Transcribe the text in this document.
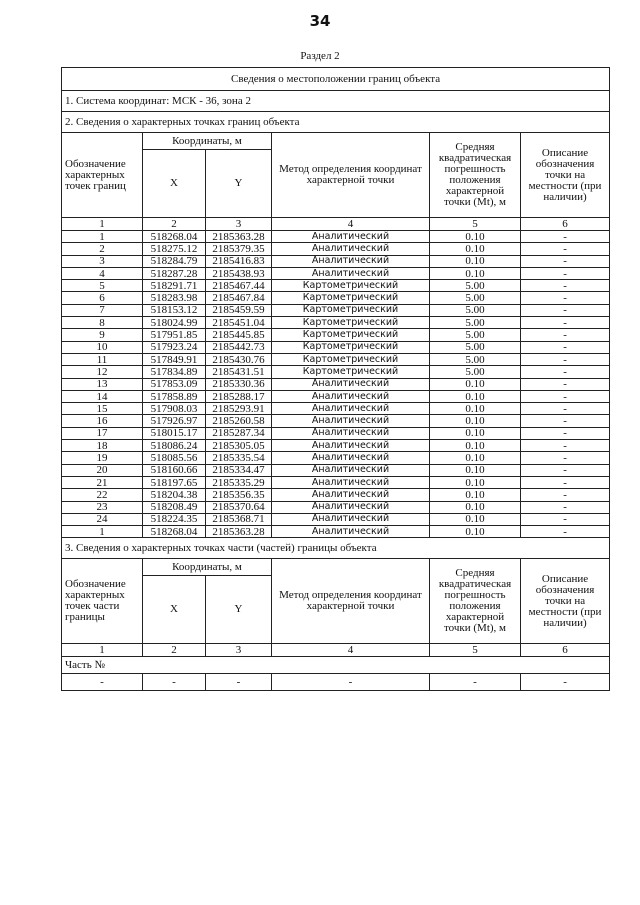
34
Раздел 2
Сведения о местоположении границ объекта					
1. Система координат: МСК - 36, зона 2					
2. Сведения о характерных точках границ объекта					
Обозначение характерных точек границ	Координаты, м		Метод определения координат характерной точки	Средняя квадратическая погрешность положения характерной точки (Mt), м	Описание обозначения точки на местности (при наличии)
	X	Y			
1	2	3	4	5	6
1	518268.04	2185363.28	Аналитический	0.10	-
2	518275.12	2185379.35	Аналитический	0.10	-
3	518284.79	2185416.83	Аналитический	0.10	-
4	518287.28	2185438.93	Аналитический	0.10	-
5	518291.71	2185467.44	Картометрический	5.00	-
6	518283.98	2185467.84	Картометрический	5.00	-
7	518153.12	2185459.59	Картометрический	5.00	-
8	518024.99	2185451.04	Картометрический	5.00	-
9	517951.85	2185445.85	Картометрический	5.00	-
10	517923.24	2185442.73	Картометрический	5.00	-
11	517849.91	2185430.76	Картометрический	5.00	-
12	517834.89	2185431.51	Картометрический	5.00	-
13	517853.09	2185330.36	Аналитический	0.10	-
14	517858.89	2185288.17	Аналитический	0.10	-
15	517908.03	2185293.91	Аналитический	0.10	-
16	517926.97	2185260.58	Аналитический	0.10	-
17	518015.17	2185287.34	Аналитический	0.10	-
18	518086.24	2185305.05	Аналитический	0.10	-
19	518085.56	2185335.54	Аналитический	0.10	-
20	518160.66	2185334.47	Аналитический	0.10	-
21	518197.65	2185335.29	Аналитический	0.10	-
22	518204.38	2185356.35	Аналитический	0.10	-
23	518208.49	2185370.64	Аналитический	0.10	-
24	518224.35	2185368.71	Аналитический	0.10	-
1	518268.04	2185363.28	Аналитический	0.10	-
3. Сведения о характерных точках части (частей) границы объекта					
Обозначение характерных точек части границы	Координаты, м		Метод определения координат характерной точки	Средняя квадратическая погрешность положения характерной точки (Mt), м	Описание обозначения точки на местности (при наличии)
	X	Y			
1	2	3	4	5	6
Часть №					
-	-	-	-	-	-
